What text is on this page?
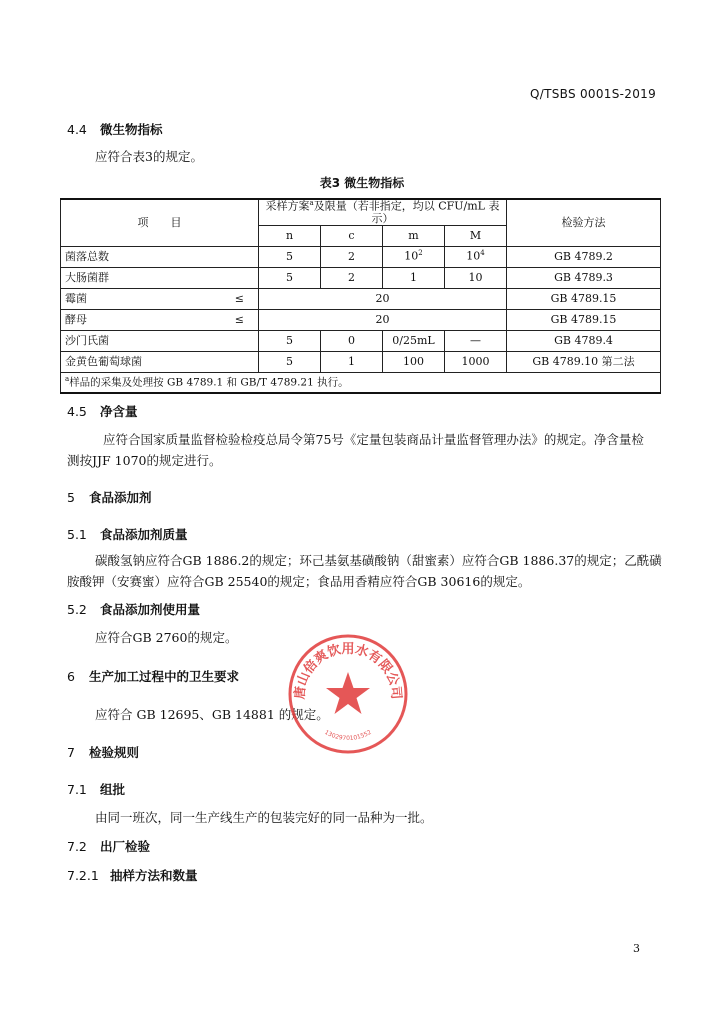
Q/TSBS 0001S-2019
4.4 微生物指标
应符合表3的规定。
表3 微生物指标
项　　目	采样方案$^a$及限量（若非指定，均以 CFU/mL 表示）				检验方法
	n	c	m	M	
菌落总数	5	2	$10^2$	$10^4$	GB 4789.2
大肠菌群	5	2	1	10	GB 4789.3

霉菌 ≤	20				GB 4789.15

酵母 ≤	20				GB 4789.15
沙门氏菌	5	0	0/25mL	—	GB 4789.4
金黄色葡萄球菌	5	1	100	1000	GB 4789.10 第二法
$^a$样品的采集及处理按 GB 4789.1 和 GB/T 4789.21 执行。					
4.5 净含量
应符合国家质量监督检验检疫总局令第75号《定量包装商品计量监督管理办法》的规定。净含量检
测按JJF 1070的规定进行。
5 食品添加剂
5.1 食品添加剂质量
碳酸氢钠应符合GB 1886.2的规定；环己基氨基磺酸钠（甜蜜素）应符合GB 1886.37的规定；乙酰磺
胺酸钾（安赛蜜）应符合GB 25540的规定；食品用香精应符合GB 30616的规定。
5.2 食品添加剂使用量
应符合GB 2760的规定。
6 生产加工过程中的卫生要求
应符合 GB 12695、GB 14881 的规定。
7 检验规则
7.1 组批
由同一班次，同一生产线生产的包装完好的同一品种为一批。
7.2 出厂检验
7.2.1 抽样方法和数量
唐山倍爽饮用水有限公司
1302970101552
3
